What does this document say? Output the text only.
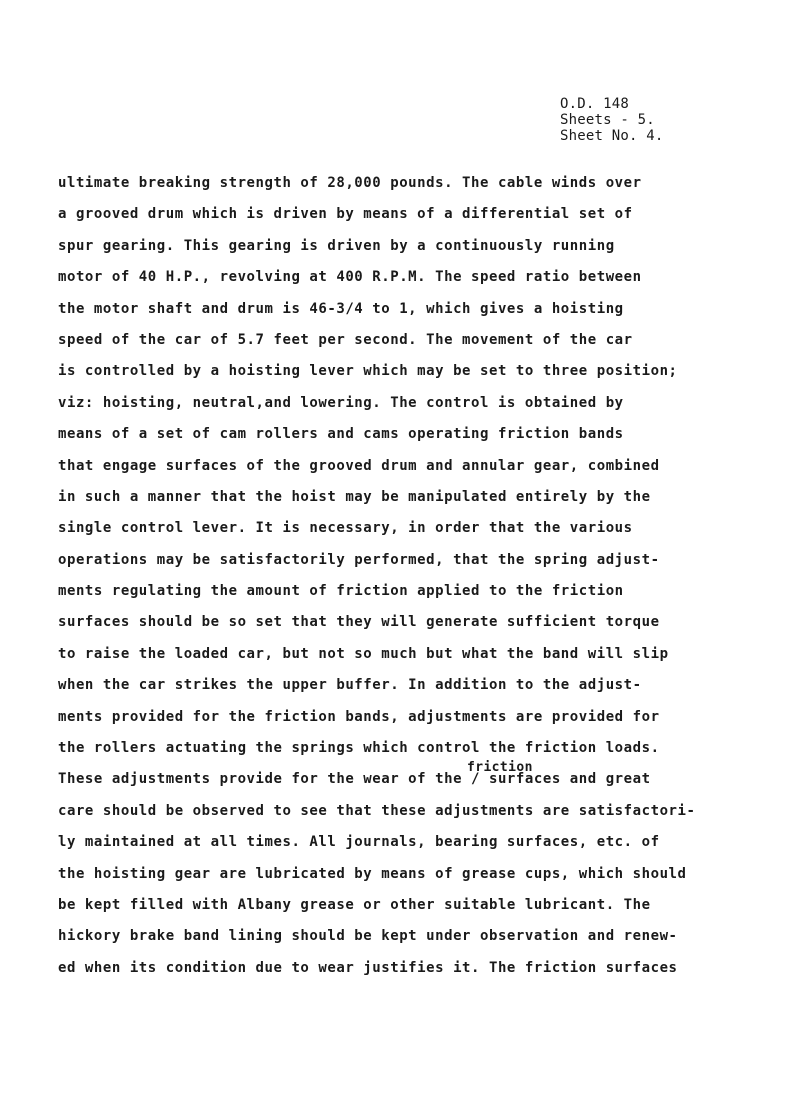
O.D. 148
Sheets - 5.
Sheet No. 4.
ultimate breaking strength of 28,000 pounds. The cable winds over
a grooved drum which is driven by means of a differential set of
spur gearing. This gearing is driven by a continuously running
motor of 40 H.P., revolving at 400 R.P.M. The speed ratio between
the motor shaft and drum is 46-3/4 to 1, which gives a hoisting
speed of the car of 5.7 feet per second. The movement of the car
is controlled by a hoisting lever which may be set to three position;
viz: hoisting, neutral,and lowering. The control is obtained by
means of a set of cam rollers and cams operating friction bands
that engage surfaces of the grooved drum and annular gear, combined
in such a manner that the hoist may be manipulated entirely by the
single control lever. It is necessary, in order that the various
operations may be satisfactorily performed, that the spring adjust-
ments regulating the amount of friction applied to the friction
surfaces should be so set that they will generate sufficient torque
to raise the loaded car, but not so much but what the band will slip
when the car strikes the upper buffer. In addition to the adjust-
ments provided for the friction bands, adjustments are provided for
the rollers actuating the springs which control the friction loads.
These adjustments provide for the wear of the / surfaces and great
care should be observed to see that these adjustments are satisfactori-
ly maintained at all times. All journals, bearing surfaces, etc. of
the hoisting gear are lubricated by means of grease cups, which should
be kept filled with Albany grease or other suitable lubricant. The
hickory brake band lining should be kept under observation and renew-
ed when its condition due to wear justifies it. The friction surfaces
friction
